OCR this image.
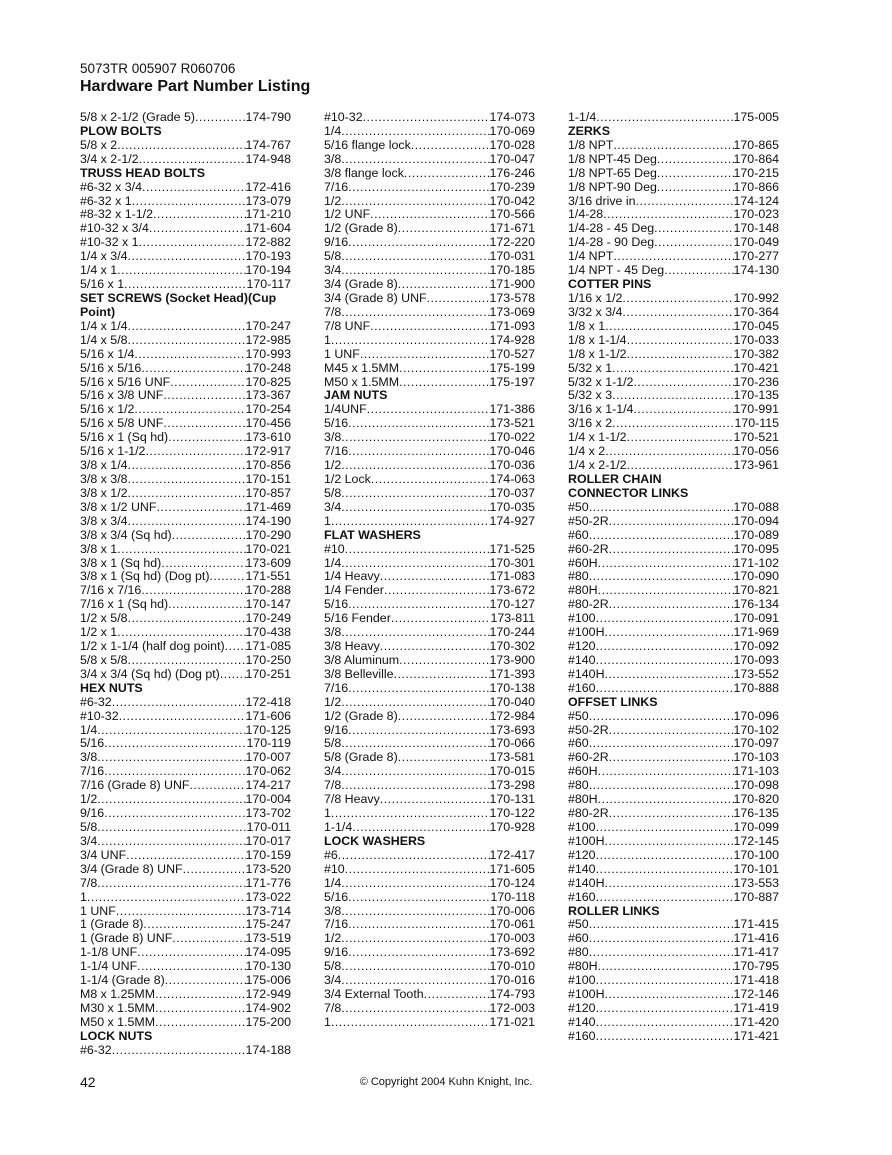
5073TR 005907 R060706
Hardware Part Number Listing
5/8 x 2-1/2 (Grade 5) .....	174-790
PLOW BOLTS
5/8 x 2 .....	174-767
3/4 x 2-1/2 .....	174-948
TRUSS HEAD BOLTS
#6-32 x 3/4 .....	172-416
#6-32 x 1 .....	173-079
#8-32 x 1-1/2 .....	171-210
#10-32 x 3/4 .....	171-604
#10-32 x 1 .....	172-882
1/4 x 3/4 .....	170-193
1/4 x 1 .....	170-194
5/16 x 1 .....	170-117
SET SCREWS (Socket Head)(Cup
Point)
1/4 x 1/4 .....	170-247
1/4 x 5/8 .....	172-985
5/16 x 1/4 .....	170-993
5/16 x 5/16 .....	170-248
5/16 x 5/16 UNF .....	170-825
5/16 x 3/8 UNF .....	173-367
5/16 x 1/2 .....	170-254
5/16 x 5/8 UNF .....	170-456
5/16 x 1 (Sq hd) .....	173-610
5/16 x 1-1/2 .....	172-917
3/8 x 1/4 .....	170-856
3/8 x 3/8 .....	170-151
3/8 x 1/2 .....	170-857
3/8 x 1/2 UNF .....	171-469
3/8 x 3/4 .....	174-190
3/8 x 3/4 (Sq hd) .....	170-290
3/8 x 1 .....	170-021
3/8 x 1 (Sq hd) .....	173-609
3/8 x 1 (Sq hd) (Dog pt) .....	171-551
7/16 x 7/16 .....	170-288
7/16 x 1 (Sq hd) .....	170-147
1/2 x 5/8 .....	170-249
1/2 x 1 .....	170-438
1/2 x 1-1/4 (half dog point) ..... 171-085
5/8 x 5/8 .....	170-250
3/4 x 3/4 (Sq hd) (Dog pt) ..... 170-251
HEX NUTS
#6-32 .....	172-418
#10-32 .....	171-606
1/4 .....	170-125
5/16 .....	170-119
3/8 .....	170-007
7/16 .....	170-062
7/16 (Grade 8) UNF .....	174-217
1/2 .....	170-004
9/16 .....	173-702
5/8 .....	170-011
3/4 .....	170-017
3/4 UNF .....	170-159
3/4 (Grade 8) UNF .....	173-520
7/8 .....	171-776
1 .....	173-022
1 UNF .....	173-714
1 (Grade 8) .....	175-247
1 (Grade 8) UNF .....	173-519
1-1/8 UNF .....	174-095
1-1/4 UNF .....	170-130
1-1/4 (Grade 8) .....	175-006
M8 x 1.25MM .....	172-949
M30 x 1.5MM .....	174-902
M50 x 1.5MM .....	175-200
LOCK NUTS
#6-32 .....	174-188
#10-32 .....	174-073
1/4 .....	170-069
5/16 flange lock .....	170-028
3/8 .....	170-047
3/8 flange lock .....	176-246
7/16 .....	170-239
1/2 .....	170-042
1/2 UNF .....	170-566
1/2 (Grade 8) .....	171-671
9/16 .....	172-220
5/8 .....	170-031
3/4 .....	170-185
3/4 (Grade 8) .....	171-900
3/4 (Grade 8) UNF .....	173-578
7/8 .....	173-069
7/8 UNF .....	171-093
1 .....	174-928
1 UNF .....	170-527
M45 x 1.5MM .....	175-199
M50 x 1.5MM .....	175-197
JAM NUTS
1/4UNF .....	171-386
5/16 .....	173-521
3/8 .....	170-022
7/16 .....	170-046
1/2 .....	170-036
1/2 Lock .....	174-063
5/8 .....	170-037
3/4 .....	170-035
1 .....	174-927
FLAT WASHERS
#10 .....	171-525
1/4 .....	170-301
1/4 Heavy .....	171-083
1/4 Fender .....	173-672
5/16 .....	170-127
5/16 Fender .....	173-811
3/8 .....	170-244
3/8 Heavy .....	170-302
3/8 Aluminum .....	173-900
3/8 Belleville .....	171-393
7/16 .....	170-138
1/2 .....	170-040
1/2 (Grade 8) .....	172-984
9/16 .....	173-693
5/8 .....	170-066
5/8 (Grade 8) .....	173-581
3/4 .....	170-015
7/8 .....	173-298
7/8 Heavy .....	170-131
1 .....	170-122
1-1/4 .....	170-928
LOCK WASHERS
#6 .....	172-417
#10 .....	171-605
1/4 .....	170-124
5/16 .....	170-118
3/8 .....	170-006
7/16 .....	170-061
1/2 .....	170-003
9/16 .....	173-692
5/8 .....	170-010
3/4 .....	170-016
3/4 External Tooth .....	174-793
7/8 .....	172-003
1 .....	171-021
1-1/4 .....	175-005
ZERKS
1/8 NPT .....	170-865
1/8 NPT-45 Deg .....	170-864
1/8 NPT-65 Deg .....	170-215
1/8 NPT-90 Deg .....	170-866
3/16 drive in .....	174-124
1/4-28 .....	170-023
1/4-28 - 45 Deg .....	170-148
1/4-28 - 90 Deg .....	170-049
1/4 NPT .....	170-277
1/4 NPT - 45 Deg .....	174-130
COTTER PINS
1/16 x 1/2 .....	170-992
3/32 x 3/4 .....	170-364
1/8 x 1 .....	170-045
1/8 x 1-1/4 .....	170-033
1/8 x 1-1/2 .....	170-382
5/32 x 1 .....	170-421
5/32 x 1-1/2 .....	170-236
5/32 x 3 .....	170-135
3/16 x 1-1/4 .....	170-991
3/16 x 2 .....	170-115
1/4 x 1-1/2 .....	170-521
1/4 x 2 .....	170-056
1/4 x 2-1/2 .....	173-961
ROLLER CHAIN
CONNECTOR LINKS
#50 .....	170-088
#50-2R .....	170-094
#60 .....	170-089
#60-2R .....	170-095
#60H .....	171-102
#80 .....	170-090
#80H .....	170-821
#80-2R .....	176-134
#100 .....	170-091
#100H .....	171-969
#120 .....	170-092
#140 .....	170-093
#140H .....	173-552
#160 .....	170-888
OFFSET LINKS
#50 .....	170-096
#50-2R .....	170-102
#60 .....	170-097
#60-2R .....	170-103
#60H .....	171-103
#80 .....	170-098
#80H .....	170-820
#80-2R .....	176-135
#100 .....	170-099
#100H .....	172-145
#120 .....	170-100
#140 .....	170-101
#140H .....	173-553
#160 .....	170-887
ROLLER LINKS
#50 .....	171-415
#60 .....	171-416
#80 .....	171-417
#80H .....	170-795
#100 .....	171-418
#100H .....	172-146
#120 .....	171-419
#140 .....	171-420
#160 .....	171-421
42	© Copyright 2004 Kuhn Knight, Inc.
